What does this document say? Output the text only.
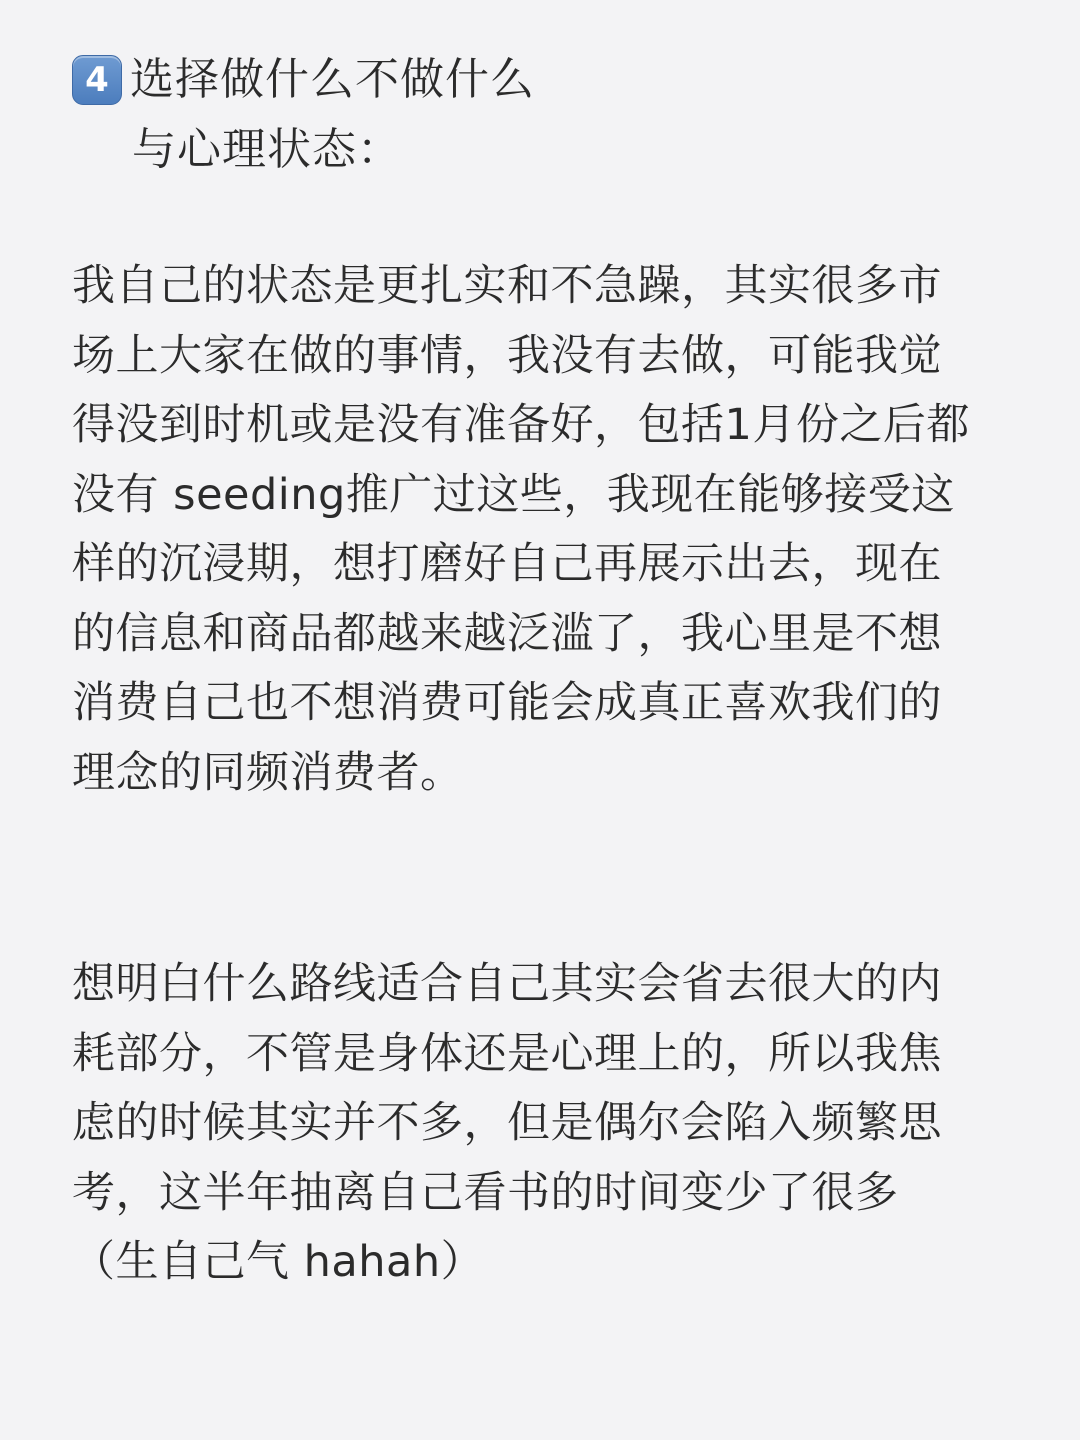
4 选择做什么不做什么
与心理状态：

我自己的状态是更扎实和不急躁，其实很多市场上大家在做的事情，我没有去做，可能我觉得没到时机或是没有准备好，包括1月份之后都没有 seeding推广过这些，我现在能够接受这样的沉浸期，想打磨好自己再展示出去，现在的信息和商品都越来越泛滥了，我心里是不想消费自己也不想消费可能会成真正喜欢我们的理念的同频消费者。

想明白什么路线适合自己其实会省去很大的内耗部分，不管是身体还是心理上的，所以我焦虑的时候其实并不多，但是偶尔会陷入频繁思考，这半年抽离自己看书的时间变少了很多（生自己气 hahah）
